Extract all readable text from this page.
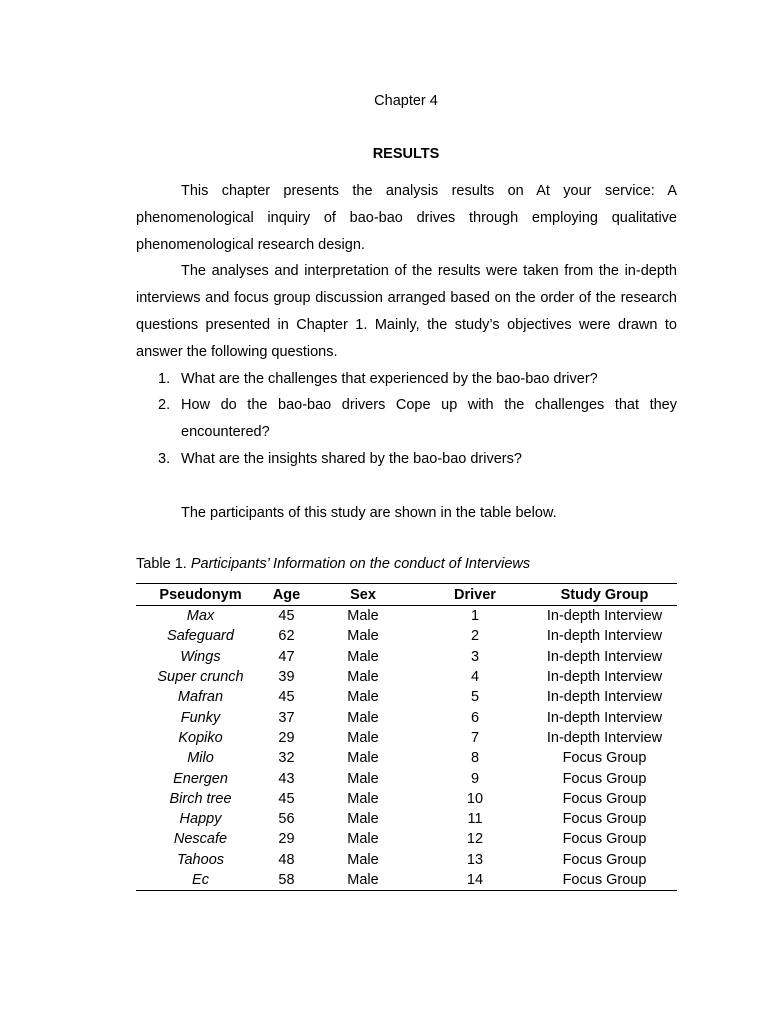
Chapter 4
RESULTS

This chapter presents the analysis results on At your service: A phenomenological inquiry of bao-bao drives through employing qualitative phenomenological research design.

The analyses and interpretation of the results were taken from the in-depth interviews and focus group discussion arranged based on the order of the research questions presented in Chapter 1. Mainly, the study’s objectives were drawn to answer the following questions.

1. What are the challenges that experienced by the bao-bao driver?
2. How do the bao-bao drivers Cope up with the challenges that they encountered?
3. What are the insights shared by the bao-bao drivers?

The participants of this study are shown in the table below.

Table 1. Participants’ Information on the conduct of Interviews
Pseudonym	Age	Sex	Driver	Study Group
Max	45	Male	1	In-depth Interview
Safeguard	62	Male	2	In-depth Interview
Wings	47	Male	3	In-depth Interview
Super crunch	39	Male	4	In-depth Interview
Mafran	45	Male	5	In-depth Interview
Funky	37	Male	6	In-depth Interview
Kopiko	29	Male	7	In-depth Interview
Milo	32	Male	8	Focus Group
Energen	43	Male	9	Focus Group
Birch tree	45	Male	10	Focus Group
Happy	56	Male	11	Focus Group
Nescafe	29	Male	12	Focus Group
Tahoos	48	Male	13	Focus Group
Ec	58	Male	14	Focus Group
